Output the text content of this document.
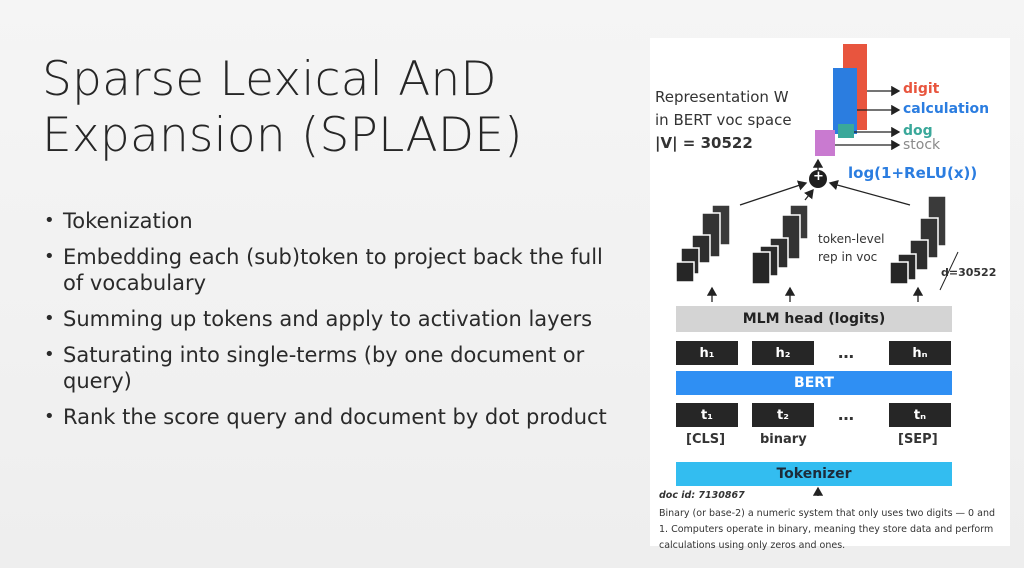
Sparse Lexical AnD
Expansion (SPLADE)
• Tokenization
• Embedding each (sub)token to project back the full of vocabulary
• Summing up tokens and apply to activation layers
• Saturating into single-terms (by one document or query)
• Rank the score query and document by dot product
Representation W
in BERT voc space
|V| = 30522
digit
calculation
dog
stock
+ log(1+ReLU(x))
token-level
rep in voc
d=30522
MLM head (logits)
h₁	h₂	…	hₙ
BERT
t₁	t₂	…	tₙ
[CLS]	binary	[SEP]
Tokenizer
doc id: 7130867
Binary (or base-2) a numeric system that only uses two digits — 0 and 1. Computers operate in binary, meaning they store data and perform calculations using only zeros and ones.
